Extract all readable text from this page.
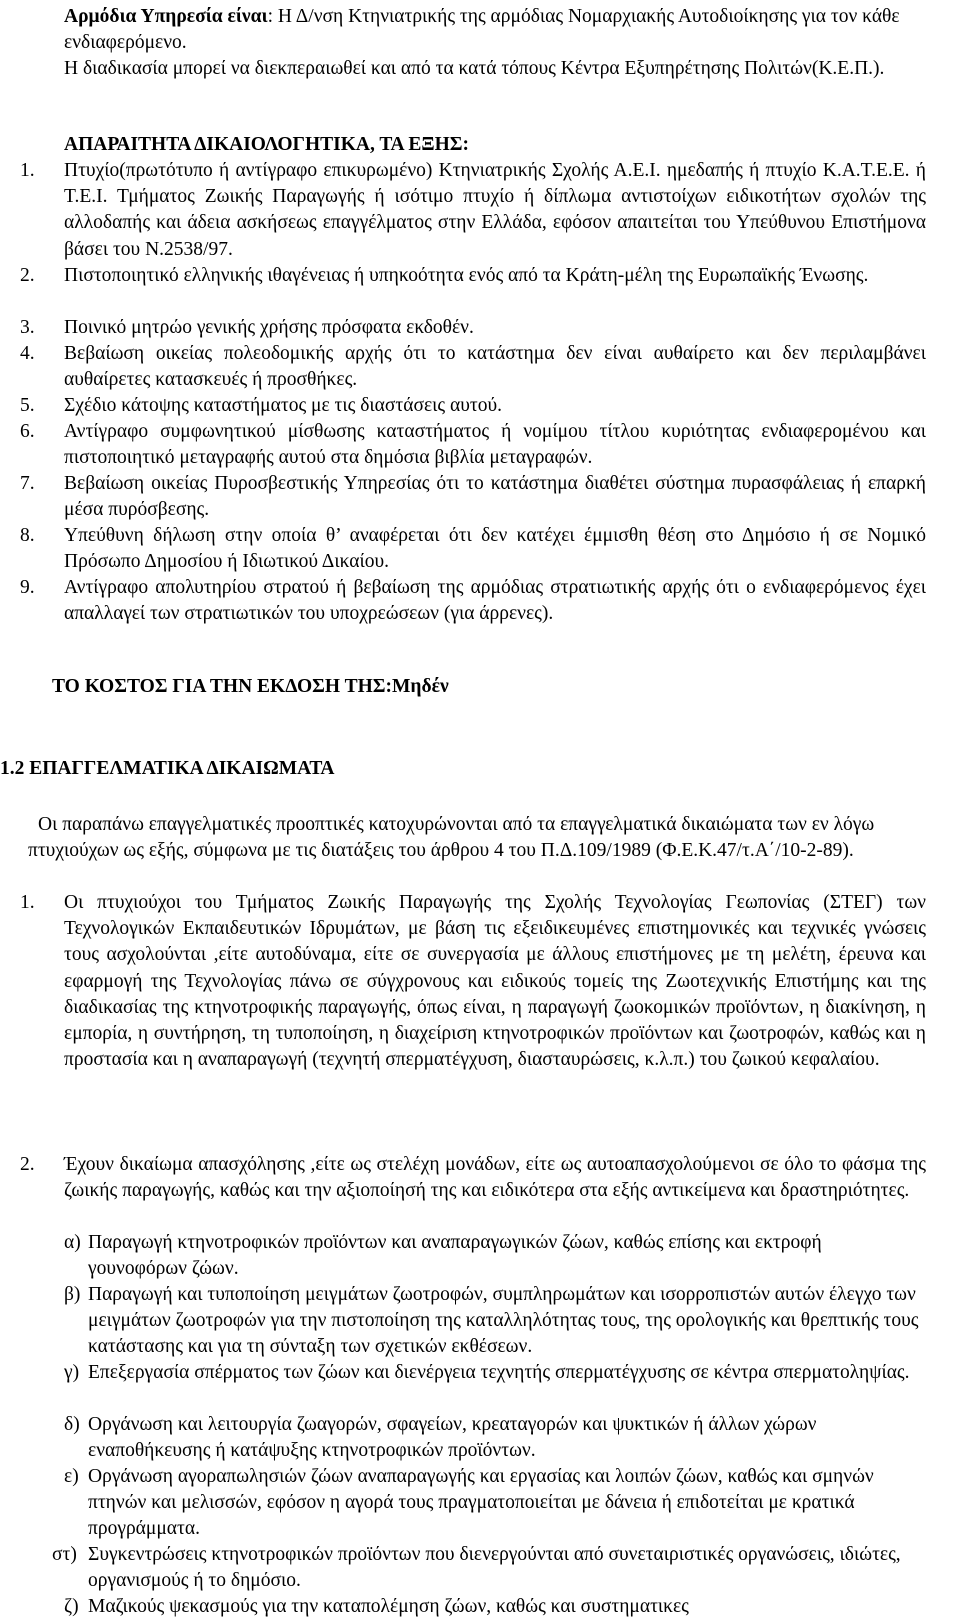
Αρμόδια Υπηρεσία είναι: Η Δ/νση Κτηνιατρικής της αρμόδιας Νομαρχιακής Αυτοδιοίκησης για τον κάθε ενδιαφερόμενο.

Η διαδικασία μπορεί να διεκπεραιωθεί και από τα κατά τόπους Κέντρα Εξυπηρέτησης Πολιτών(Κ.Ε.Π.).

ΑΠΑΡΑΙΤΗΤΑ ΔΙΚΑΙΟΛΟΓΗΤΙΚΑ, ΤΑ ΕΞΗΣ:

1. Πτυχίο(πρωτότυπο ή αντίγραφο επικυρωμένο) Κτηνιατρικής Σχολής Α.Ε.Ι. ημεδαπής ή πτυχίο Κ.Α.Τ.Ε.Ε. ή Τ.Ε.Ι. Τμήματος Ζωικής Παραγωγής ή ισότιμο πτυχίο ή δίπλωμα αντιστοίχων ειδικοτήτων σχολών της αλλοδαπής και άδεια ασκήσεως επαγγέλματος στην Ελλάδα, εφόσον απαιτείται του Υπεύθυνου Επιστήμονα βάσει του Ν.2538/97.

2. Πιστοποιητικό ελληνικής ιθαγένειας ή υπηκοότητα ενός από τα Κράτη-μέλη της Ευρωπαϊκής Ένωσης.

3. Ποινικό μητρώο γενικής χρήσης πρόσφατα εκδοθέν.

4. Βεβαίωση οικείας πολεοδομικής αρχής ότι το κατάστημα δεν είναι αυθαίρετο και δεν περιλαμβάνει αυθαίρετες κατασκευές ή προσθήκες.

5. Σχέδιο κάτοψης καταστήματος με τις διαστάσεις αυτού.

6. Αντίγραφο συμφωνητικού μίσθωσης καταστήματος ή νομίμου τίτλου κυριότητας ενδιαφερομένου και πιστοποιητικό μεταγραφής αυτού στα δημόσια βιβλία μεταγραφών.

7. Βεβαίωση οικείας Πυροσβεστικής Υπηρεσίας ότι το κατάστημα διαθέτει σύστημα πυρασφάλειας ή επαρκή μέσα πυρόσβεσης.

8. Υπεύθυνη δήλωση στην οποία θ’ αναφέρεται ότι δεν κατέχει έμμισθη θέση στο Δημόσιο ή σε Νομικό Πρόσωπο Δημοσίου ή Ιδιωτικού Δικαίου.

9. Αντίγραφο απολυτηρίου στρατού ή βεβαίωση της αρμόδιας στρατιωτικής αρχής ότι ο ενδιαφερόμενος έχει απαλλαγεί των στρατιωτικών του υποχρεώσεων (για άρρενες).

ΤΟ ΚΟΣΤΟΣ ΓΙΑ ΤΗΝ ΕΚΔΟΣΗ ΤΗΣ:Μηδέν

1.2 ΕΠΑΓΓΕΛΜΑΤΙΚΑ ΔΙΚΑΙΩΜΑΤΑ

Οι παραπάνω επαγγελματικές προοπτικές κατοχυρώνονται από τα επαγγελματικά δικαιώματα των εν λόγω πτυχιούχων ως εξής, σύμφωνα με τις διατάξεις του άρθρου 4 του Π.Δ.109/1989 (Φ.Ε.Κ.47/τ.Α΄/10-2-89).

1. Οι πτυχιούχοι του Τμήματος Ζωικής Παραγωγής της Σχολής Τεχνολογίας Γεωπονίας (ΣΤΕΓ) των Τεχνολογικών Εκπαιδευτικών Ιδρυμάτων, με βάση τις εξειδικευμένες επιστημονικές και τεχνικές γνώσεις τους ασχολούνται ,είτε αυτοδύναμα, είτε σε συνεργασία με άλλους επιστήμονες με τη μελέτη, έρευνα και εφαρμογή της Τεχνολογίας πάνω σε σύγχρονους και ειδικούς τομείς της Ζωοτεχνικής Επιστήμης και της διαδικασίας της κτηνοτροφικής παραγωγής, όπως είναι, η παραγωγή ζωοκομικών προϊόντων, η διακίνηση, η εμπορία, η συντήρηση, τη τυποποίηση, η διαχείριση κτηνοτροφικών προϊόντων και ζωοτροφών, καθώς και η προστασία και η αναπαραγωγή (τεχνητή σπερματέγχυση, διασταυρώσεις, κ.λ.π.) του ζωικού κεφαλαίου.

2. Έχουν δικαίωμα απασχόλησης ,είτε ως στελέχη μονάδων, είτε ως αυτοαπασχολούμενοι σε όλο το φάσμα της ζωικής παραγωγής, καθώς και την αξιοποίησή της και ειδικότερα στα εξής αντικείμενα και δραστηριότητες.

α) Παραγωγή κτηνοτροφικών προϊόντων και αναπαραγωγικών ζώων, καθώς επίσης και εκτροφή γουνοφόρων ζώων.

β) Παραγωγή και τυποποίηση μειγμάτων ζωοτροφών, συμπληρωμάτων και ισορροπιστών αυτών έλεγχο των μειγμάτων ζωοτροφών για την πιστοποίηση της καταλληλότητας τους, της ορολογικής και θρεπτικής τους κατάστασης και για τη σύνταξη των σχετικών εκθέσεων.

γ) Επεξεργασία σπέρματος των ζώων και διενέργεια τεχνητής σπερματέγχυσης σε κέντρα σπερματοληψίας.

δ) Οργάνωση και λειτουργία ζωαγορών, σφαγείων, κρεαταγορών και ψυκτικών ή άλλων χώρων εναποθήκευσης ή κατάψυξης κτηνοτροφικών προϊόντων.

ε) Οργάνωση αγοραπωλησιών ζώων αναπαραγωγής και εργασίας και λοιπών ζώων, καθώς και σμηνών πτηνών και μελισσών, εφόσον η αγορά τους πραγματοποιείται με δάνεια ή επιδοτείται με κρατικά προγράμματα.

στ) Συγκεντρώσεις κτηνοτροφικών προϊόντων που διενεργούνται από συνεταιριστικές οργανώσεις, ιδιώτες, οργανισμούς ή το δημόσιο.

ζ) Μαζικούς ψεκασμούς για την καταπολέμηση ζώων, καθώς και συστηματικες
